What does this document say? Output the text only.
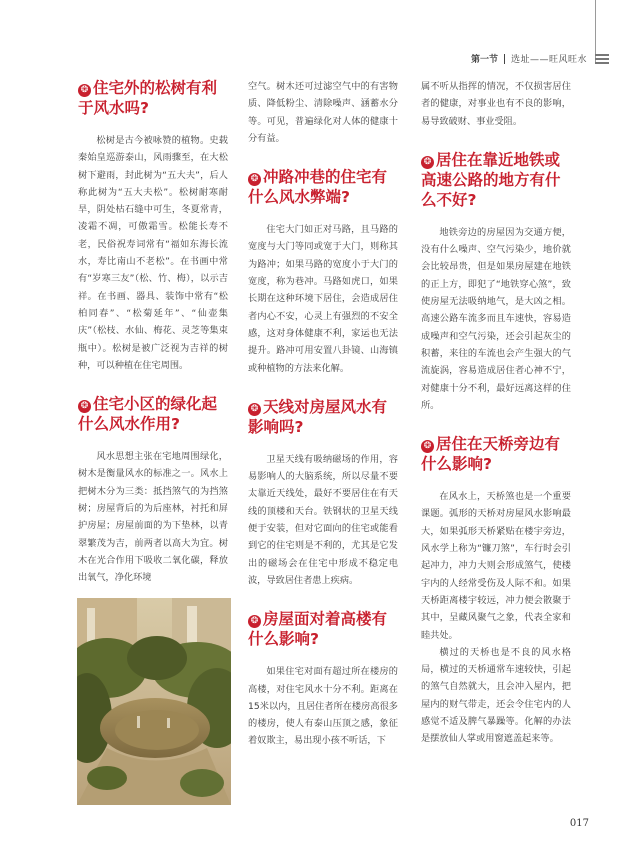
第一节 选址——旺风旺水
❂ 住宅外的松树有利于风水吗?

松树是古今被咏赞的植物。史载秦始皇巡游泰山，风雨骤至，在大松树下避雨，封此树为“五大夫”，后人称此树为“五大夫松”。松树耐寒耐旱，阴处枯石缝中可生，冬夏常青，凌霜不凋，可傲霜雪。松能长寿不老，民俗祝寿词常有“福如东海长流水，寿比南山不老松”。在书画中常有“岁寒三友”（松、竹、梅），以示吉祥。在书画、器具、装饰中常有“松柏同春”、“松菊延年”、“仙壶集庆”（松枝、水仙、梅花、灵芝等集束瓶中）。松树是被广泛视为吉祥的树种，可以种植在住宅周围。

❂ 住宅小区的绿化起什么风水作用?

风水思想主张在宅地周围绿化，树木是衡量风水的标准之一。风水上把树木分为三类：抵挡煞气的为挡煞树；房屋背后的为后座林，衬托和屏护房屋；房屋前面的为下垫林，以青翠繁茂为吉，前两者以高大为宜。树木在光合作用下吸收二氧化碳，释放出氧气，净化环境

空气。树木还可过滤空气中的有害物质、降低粉尘、清除噪声、涵蓄水分等。可见，普遍绿化对人体的健康十分有益。

❂ 冲路冲巷的住宅有什么风水弊端?

住宅大门如正对马路，且马路的宽度与大门等同或宽于大门，则称其为路冲；如果马路的宽度小于大门的宽度，称为巷冲。马路如虎口，如果长期在这种环境下居住，会造成居住者内心不安，心灵上有强烈的不安全感，这对身体健康不利，家运也无法提升。路冲可用安置八卦镜、山海镇或种植物的方法来化解。

❂ 天线对房屋风水有影响吗?

卫星天线有吸纳磁场的作用，容易影响人的大脑系统，所以尽量不要太靠近天线处，最好不要居住在有天线的顶楼和天台。铁钢状的卫星天线便于安装，但对它面向的住宅或能看到它的住宅则是不利的，尤其是它发出的磁场会在住宅中形成不稳定电波，导致居住者患上疾病。

❂ 房屋面对着高楼有什么影响?

如果住宅对面有超过所在楼房的高楼，对住宅风水十分不利。距离在15米以内，且居住者所在楼房高很多的楼房，使人有泰山压顶之感，象征着奴欺主，易出现小孩不听话，下

属不听从指挥的情况，不仅损害居住者的健康，对事业也有不良的影响，易导致破财、事业受阻。

❂ 居住在靠近地铁或高速公路的地方有什么不好?

地铁旁边的房屋因为交通方便，没有什么噪声、空气污染少，地价就会比较昂贵，但是如果房屋建在地铁的正上方，即犯了“地铁穿心煞”，致使房屋无法吸纳地气，是大凶之相。高速公路车流多而且车速快，容易造成噪声和空气污染，还会引起灰尘的积蓄，来往的车流也会产生强大的气流旋涡，容易造成居住者心神不宁，对健康十分不利，最好远离这样的住所。

❂ 居住在天桥旁边有什么影响?

在风水上，天桥煞也是一个重要课题。弧形的天桥对房屋风水影响最大，如果弧形天桥紧贴在楼宇旁边，风水学上称为“镰刀煞”，车行时会引起冲力，冲力大则会形成煞气，使楼宇内的人经常受伤及人际不和。如果天桥距离楼宇较远，冲力便会散聚于其中，呈藏风聚气之象，代表全家和睦共处。

横过的天桥也是不良的风水格局，横过的天桥通常车速较快，引起的煞气自然就大，且会冲入屋内，把屋内的财气带走，还会令住宅内的人感觉不适及脾气暴躁等。化解的办法是摆放仙人掌或用窗遮盖起来等。

017
